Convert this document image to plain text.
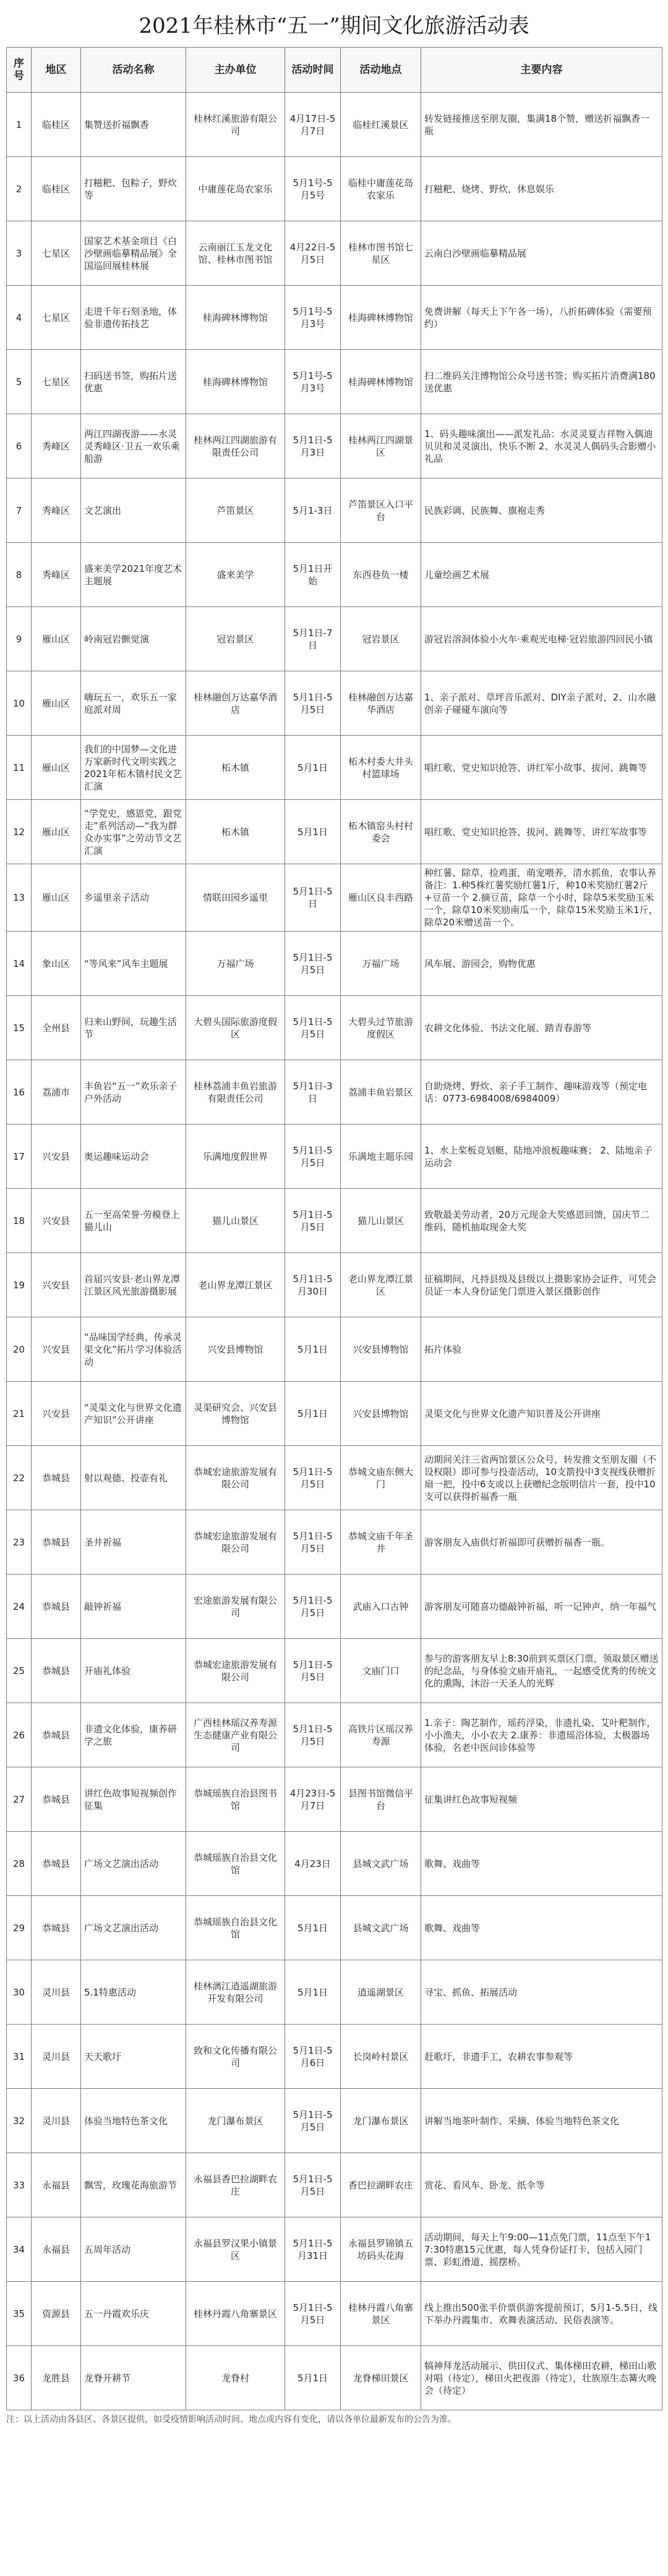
2021年桂林市“五一”期间文化旅游活动表
序号	地区	活动名称	主办单位	活动时间	活动地点	主要内容
1	临桂区	集赞送折福飘香	桂林红溪旅游有限公司	4月17日-5月7日	临桂红溪景区	转发链接推送至朋友圈，集满18个赞，赠送折福飘香一瓶
2	临桂区	打糍粑、包粽子，野炊等	中庸莲花岛农家乐	5月1号-5月5号	临桂中庸莲花岛农家乐	打糍粑、烧烤、野炊，休息娱乐
3	七星区	国家艺术基金项目《白沙壁画临摹精品展》全国巡回展桂林展	云南丽江玉龙文化馆、桂林市图书馆	4月22日-5月5日	桂林市图书馆七星区	云南白沙壁画临摹精品展
4	七星区	走进千年石刻圣地，体验非遗传拓技艺	桂海碑林博物馆	5月1号-5月3号	桂海碑林博物馆	免费讲解（每天上下午各一场），八折拓碑体验（需要预约）
5	七星区	扫码送书签，购拓片送优惠	桂海碑林博物馆	5月1号-5月3号	桂海碑林博物馆	扫二维码关注博物馆公众号送书签；购买拓片消费满180送优惠
6	秀峰区	两江四湖夜游——水灵灵秀峰区·卫五一欢乐乘船游	桂林两江四湖旅游有限责任公司	5月1日-5月3日	桂林两江四湖景区	1、码头趣味演出——派发礼品：水灵灵夏吉祥物入偶迪贝贝和灵灵演出，快乐不断 2、水灵灵人偶码头合影赠小礼品
7	秀峰区	文艺演出	芦笛景区	5月1-3日	芦笛景区入口平台	民族彩调、民族舞、旗袍走秀
8	秀峰区	盛来美学2021年度艺术主题展	盛来美学	5月1日开始	东西巷负一楼	儿童绘画艺术展
9	雁山区	岭南冠岩颤觉演	冠岩景区	5月1日-7日	冠岩景区	游冠岩溶洞体验小火车·乘观光电梯·冠岩旅游四回民小镇
10	雁山区	嗨玩五一，欢乐五一家庭派对周	桂林融创万达嘉华酒店	5月1日-5月5日	桂林融创万达嘉华酒店	1、亲子派对、草坪音乐派对、DIY亲子派对，2、山水融创亲子碰碰车演向等
11	雁山区	我们的中国梦—文化进万家新时代文明实践之2021年柘木镇村民文艺汇演	柘木镇	5月1日	柘木村委大井头村篮球场	唱红歌、党史知识抢答、讲红军小故事、拔河、跳舞等
12	雁山区	“学党史，感恩党，跟党走”系列活动—“我为群众办实事”之劳动节文艺汇演	柘木镇	5月1日	柘木镇窑头村村委会	唱红歌、党史知识抢答、拔河、跳舞等、讲红军故事等
13	雁山区	乡遥里亲子活动	情联田园乡遥里	5月1日-5日	雁山区良丰西路	种红薯、除草，捡鸡蛋，萌宠喂养，清水抓鱼，农事认养 备注：1.种5株红薯奖励红薯1斤，种10米奖励红薯2斤+豆苗一个 2.摘豆苗，除草一个小时，除草5米奖励玉米一个，除草10米奖励南瓜一个，除草15米奖励玉米1斤，除草20米赠送苗一个。
14	象山区	“等风来”风车主题展	万福广场	5月1日-5月5日	万福广场	风车展、游园会，购物优惠
15	全州县	归来山野间，玩趣生活节	大碧头国际旅游度假区	5月1日-5月5日	大碧头过节旅游度假区	农耕文化体验、书法文化展、踏青春游等
16	荔浦市	丰鱼岩“五一”欢乐亲子户外活动	桂林荔浦丰鱼岩旅游有限责任公司	5月1日-3日	荔浦丰鱼岩景区	自助烧烤、野炊、亲子手工制作、趣味游戏等（预定电话：0773-6984008/6984009）
17	兴安县	奥运趣味运动会	乐满地度假世界	5月1日-5月5日	乐满地主题乐园	1、水上桨板竞划艇、陆地冲浪板趣味赛； 2、陆地亲子运动会
18	兴安县	五一至高荣誉·劳模登上猫儿山	猫儿山景区	5月1日-5月5日	猫儿山景区	致敬最美劳动者，20万元现金大奖感恩回馈，国庆节二维码，随机抽取现金大奖
19	兴安县	首届兴安县·老山界龙潭江景区风光旅游摄影展	老山界龙潭江景区	5月1日-5月30日	老山界龙潭江景区	征稿期间，凡持县级及县级以上摄影家协会证件，可凭会员证一本人身份证免门票进入景区摄影创作
20	兴安县	“品味国学经典，传承灵渠文化”拓片学习体验活动	兴安县博物馆	5月1日	兴安县博物馆	拓片体验
21	兴安县	“灵渠文化与世界文化遗产知识”公开讲座	灵渠研究会、兴安县博物馆	5月1日	兴安县博物馆	灵渠文化与世界文化遗产知识普及公开讲座
22	恭城县	射以观德、投壶有礼	恭城宏途旅游发展有限公司	5月1日-5月5日	恭城文庙东侧大门	动期间关注三省两馆景区公众号，转发推文至朋友圈（不设权限）即可参与投壶活动，10支箭投中3支视线获赠折扇一把，投中6支或以上获赠纪念版明信片一套，投中10支可以获得折福香一瓶
23	恭城县	圣井祈福	恭城宏途旅游发展有限公司	5月1日-5月5日	恭城文庙千年圣井	游客朋友入庙供灯祈福即可获赠折福香一瓶。
24	恭城县	敲钟祈福	宏途旅游发展有限公司	5月1日-5月5日	武庙入口古钟	游客朋友可随喜功德敲钟祈福，听一记钟声，纳一年福气
25	恭城县	开庙礼体验	恭城宏途旅游发展有限公司	5月1日-5月5日	文庙门口	参与的游客朋友早上8:30前到买票区门票，领取景区赠送的纪念品，与身体验文庙开庙礼，一起感受优秀的传统文化的熏陶，沐浴一天圣人的光辉
26	恭城县	非遗文化体验，康养研学之旅	广西桂林瑶汉养寿源生态健康产业有限公司	5月1日-5月5日	高铁片区瑶汉养寿源	1.亲子：陶艺制作，瑶药浮染，非遗扎染、艾叶粑制作，小小渔夫，小小农夫 2.康养：非遗瑶浴体验，太极器场体验，名老中医问诊体验等
27	恭城县	讲红色故事短视频创作征集	恭城瑶族自治县图书馆	4月23日-5月7日	县图书馆微信平台	征集讲红色故事短视频
28	恭城县	广场文艺演出活动	恭城瑶族自治县文化馆	4月23日	县城文武广场	歌舞、戏曲等
29	恭城县	广场文艺演出活动	恭城瑶族自治县文化馆	5月1日	县城文武广场	歌舞、戏曲等
30	灵川县	5.1特惠活动	桂林漓江逍遥湖旅游开发有限公司	5月1日	逍遥湖景区	寻宝、抓鱼、拓展活动
31	灵川县	天天歌圩	致和文化传播有限公司	5月1日-5月6日	长岗岭村景区	赶歌圩，非遗手工，农耕农事参观等
32	灵川县	体验当地特色茶文化	龙门瀑布景区	5月1日-5月5日	龙门瀑布景区	讲解当地茶叶制作、采摘、体验当地特色茶文化
33	永福县	飘雪，玫瑰花海旅游节	永福县香巴拉湖畔农庄	5月1日-5月5日	香巴拉湖畔农庄	赏花、看风车、卧龙、纸伞等
34	永福县	五周年活动	永福县罗汉果小镇景区	5月1日-5月31日	永福县罗锦镇五坊码头花海	活动期间，每天上午9:00—11点免门票，11点至下午17:30特惠15元优惠，每人凭身份证打卡，包括入园门票、彩虹滑道、摇摆桥。
35	资源县	五一丹霞欢乐庆	桂林丹霞八角寨景区	5月1日-5月5日	桂林丹霞八角寨景区	线上推出500张半价票供游客提前预订，5月1-5.5日，线下举办丹霞集市、欢舞表演活动、民俗表演等。
36	龙胜县	龙脊开耕节	龙脊村	5月1日	龙脊梯田景区	犒神拜龙活动展示、供田仪式、集体梯田农耕，梯田山歌对唱（待定），梯田火把夜游（待定），壮族原生态篝火晚会（待定）
注：以上活动由各县区、各景区提供，如受疫情影响活动时间、地点或内容有变化，请以各单位最新发布的公告为准。
